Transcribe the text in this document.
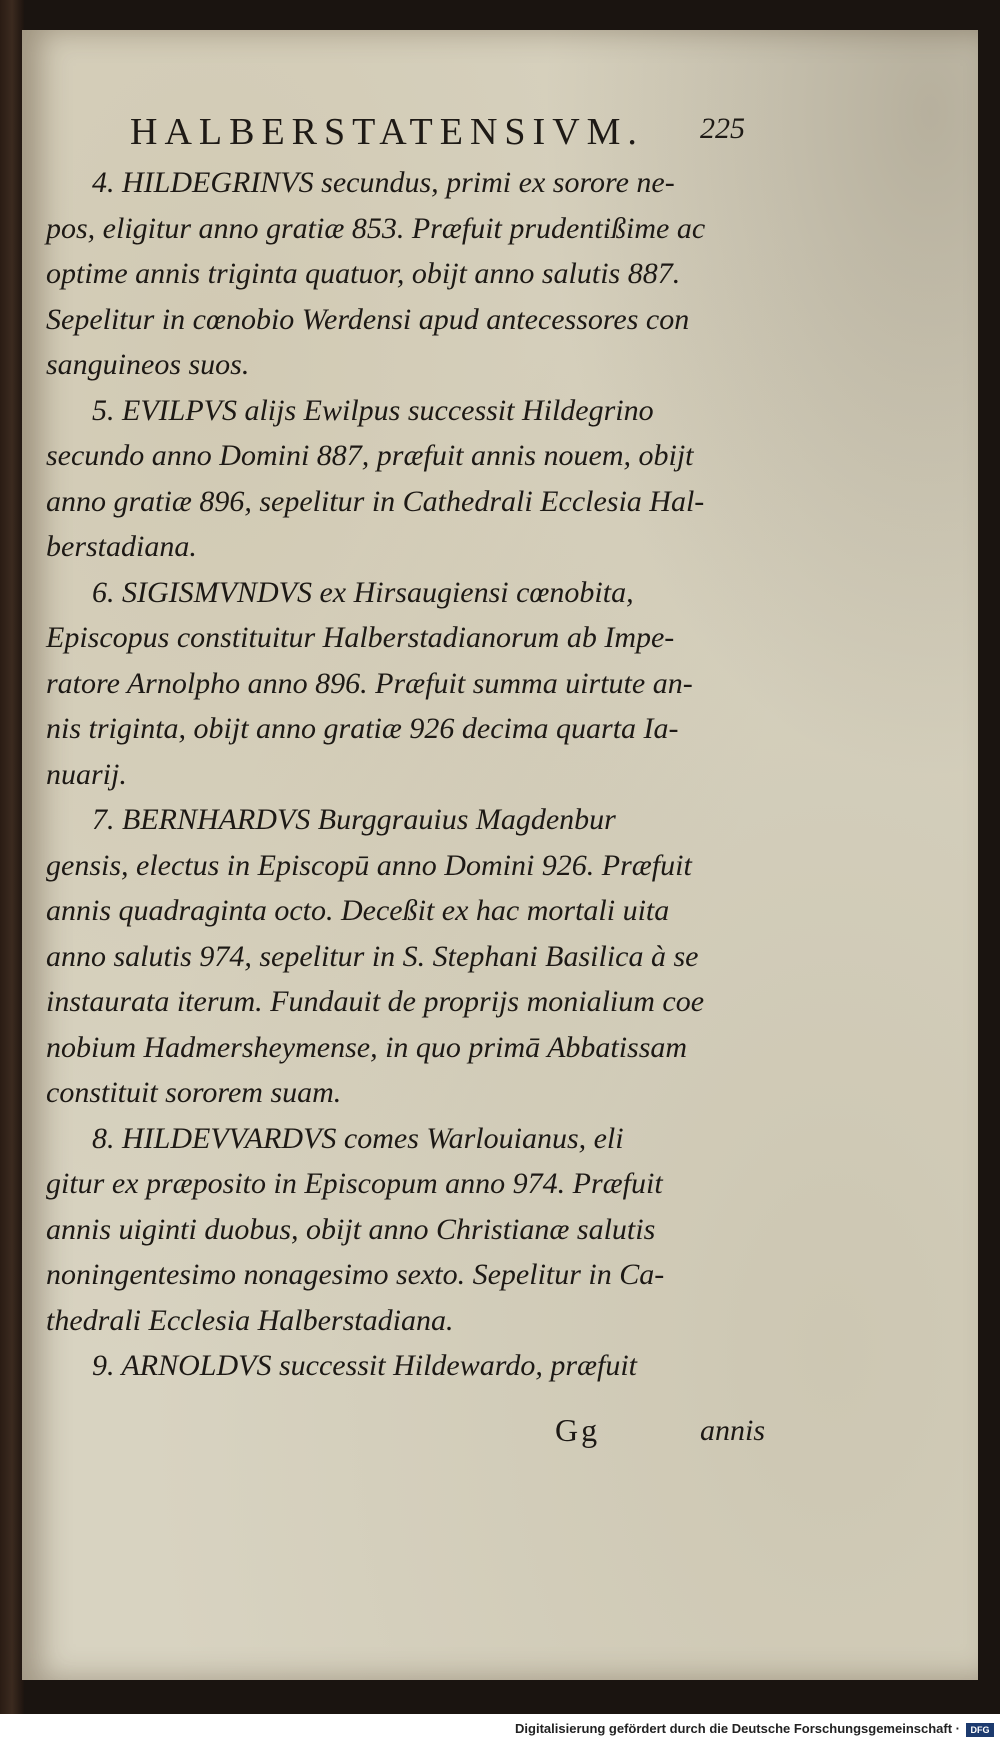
HALBERSTATENSIVM. 225
4. HILDEGRINVS secundus, primi ex sorore ne-
pos, eligitur anno gratiæ 853. Præfuit prudentißime ac
optime annis triginta quatuor, obijt anno salutis 887.
Sepelitur in cœnobio Werdensi apud antecessores con
sanguineos suos.
5. EVILPVS alijs Ewilpus successit Hildegrino
secundo anno Domini 887, præfuit annis nouem, obijt
anno gratiæ 896, sepelitur in Cathedrali Ecclesia Hal-
berstadiana.
6. SIGISMVNDVS ex Hirsaugiensi cœnobita,
Episcopus constituitur Halberstadianorum ab Impe-
ratore Arnolpho anno 896. Præfuit summa uirtute an-
nis triginta, obijt anno gratiæ 926 decima quarta Ia-
nuarij.
7. BERNHARDVS Burggrauius Magdenbur
gensis, electus in Episcopū anno Domini 926. Præfuit
annis quadraginta octo. Deceßit ex hac mortali uita
anno salutis 974, sepelitur in S. Stephani Basilica à se
instaurata iterum. Fundauit de proprijs monialium coe
nobium Hadmersheymense, in quo primā Abbatissam
constituit sororem suam.
8. HILDEVVARDVS comes Warlouianus, eli
gitur ex præposito in Episcopum anno 974. Præfuit
annis uiginti duobus, obijt anno Christianæ salutis
noningentesimo nonagesimo sexto. Sepelitur in Ca-
thedrali Ecclesia Halberstadiana.
9. ARNOLDVS successit Hildewardo, præfuit
Gg	annis
Digitalisierung gefördert durch die Deutsche Forschungsgemeinschaft ·	DFG
